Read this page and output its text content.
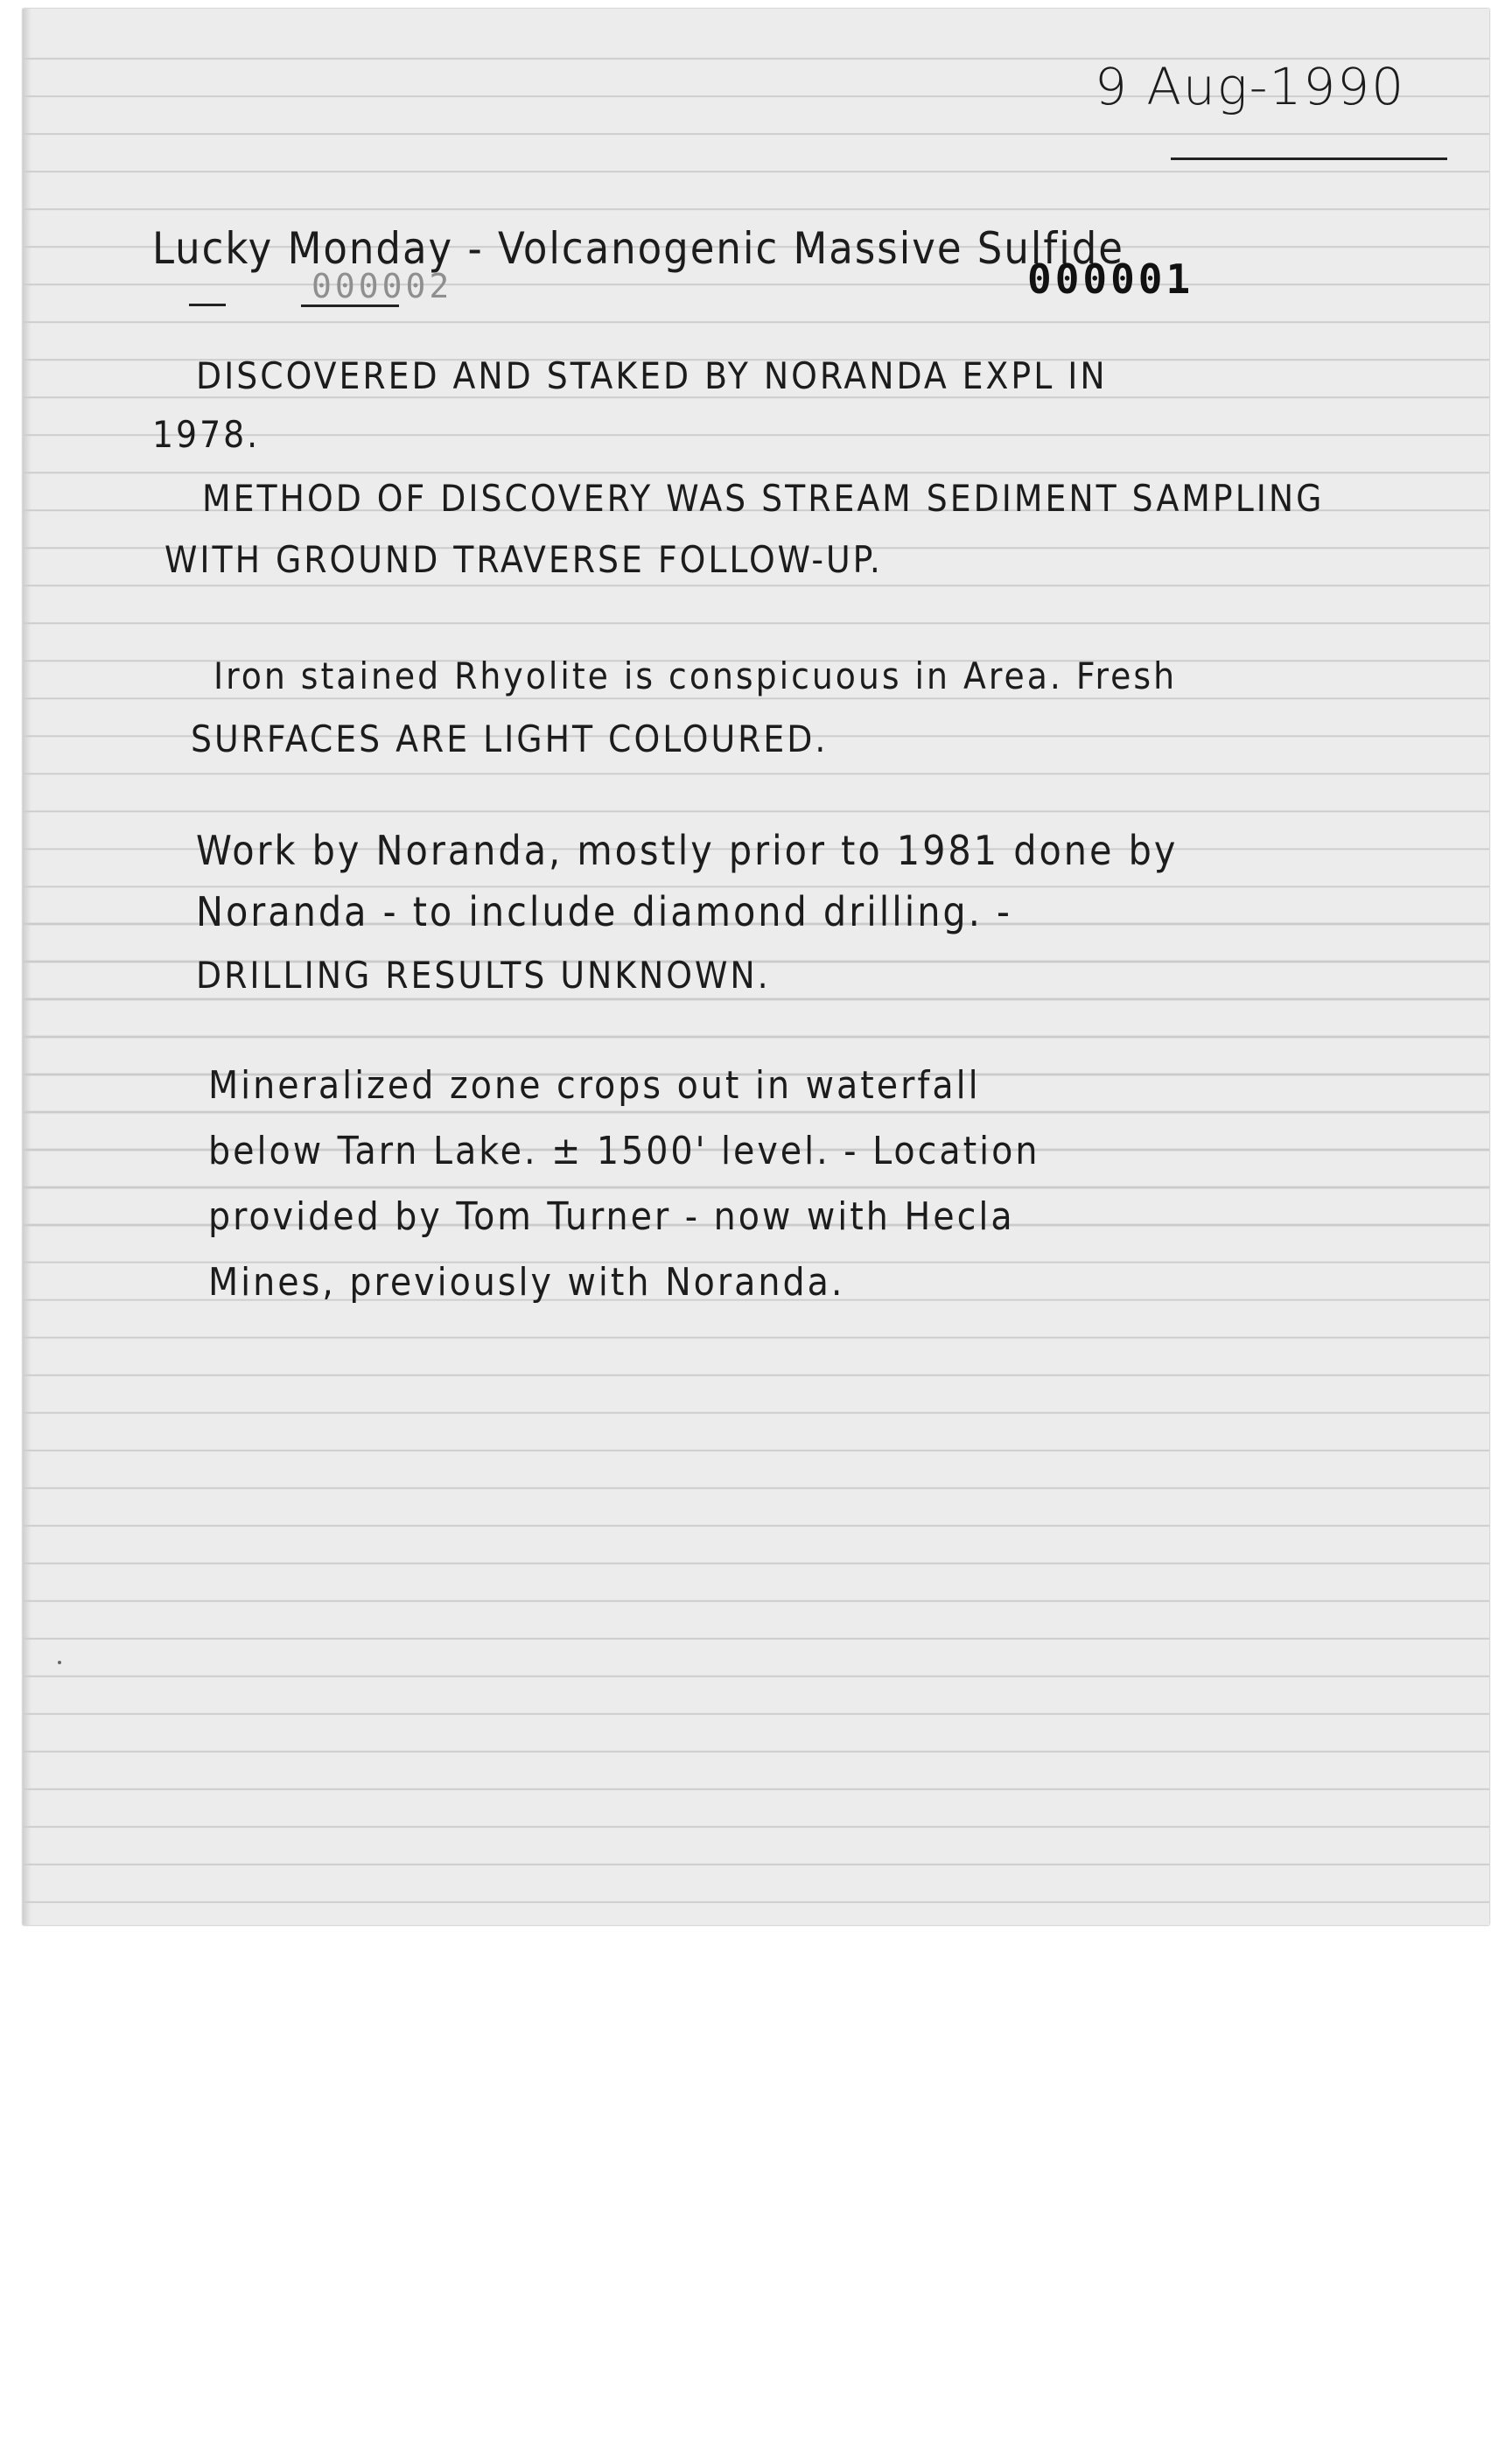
9 Aug-1990
Lucky Monday - Volcanogenic Massive Sulfide
000002	000001
DISCOVERED AND STAKED BY NORANDA EXPL IN
1978.
METHOD OF DISCOVERY WAS STREAM SEDIMENT SAMPLING
WITH GROUND TRAVERSE FOLLOW-UP.
Iron stained Rhyolite is conspicuous in Area. Fresh
SURFACES ARE LIGHT COLOURED.
Work by Noranda, mostly prior to 1981 done by
Noranda - to include diamond drilling. -
DRILLING RESULTS UNKNOWN.
Mineralized zone crops out in waterfall
below Tarn Lake. ± 1500' level. - Location
provided by Tom Turner - now with Hecla
Mines, previously with Noranda.
